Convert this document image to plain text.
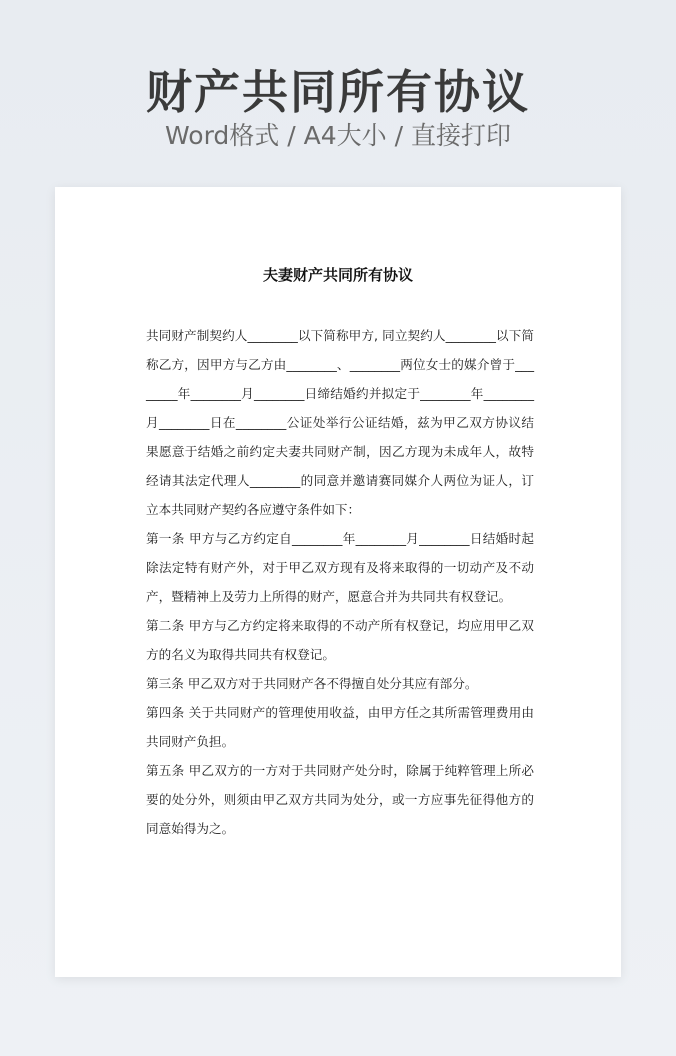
财产共同所有协议
Word格式 / A4大小 / 直接打印
夫妻财产共同所有协议

共同财产制契约人________以下简称甲方, 同立契约人________以下简称乙方，因甲方与乙方由________、________两位女士的媒介曾于________年________月________日缔结婚约并拟定于________年________月________日在________公证处举行公证结婚，兹为甲乙双方协议结果愿意于结婚之前约定夫妻共同财产制，因乙方现为未成年人，故特经请其法定代理人________的同意并邀请赛同媒介人两位为证人，订立本共同财产契约各应遵守条件如下：

第一条 甲方与乙方约定自________年________月________日结婚时起除法定特有财产外，对于甲乙双方现有及将来取得的一切动产及不动产，暨精神上及劳力上所得的财产，愿意合并为共同共有权登记。

第二条 甲方与乙方约定将来取得的不动产所有权登记，均应用甲乙双方的名义为取得共同共有权登记。

第三条 甲乙双方对于共同财产各不得擅自处分其应有部分。

第四条 关于共同财产的管理使用收益，由甲方任之其所需管理费用由共同财产负担。

第五条 甲乙双方的一方对于共同财产处分时，除属于纯粹管理上所必要的处分外，则须由甲乙双方共同为处分，或一方应事先征得他方的同意始得为之。
